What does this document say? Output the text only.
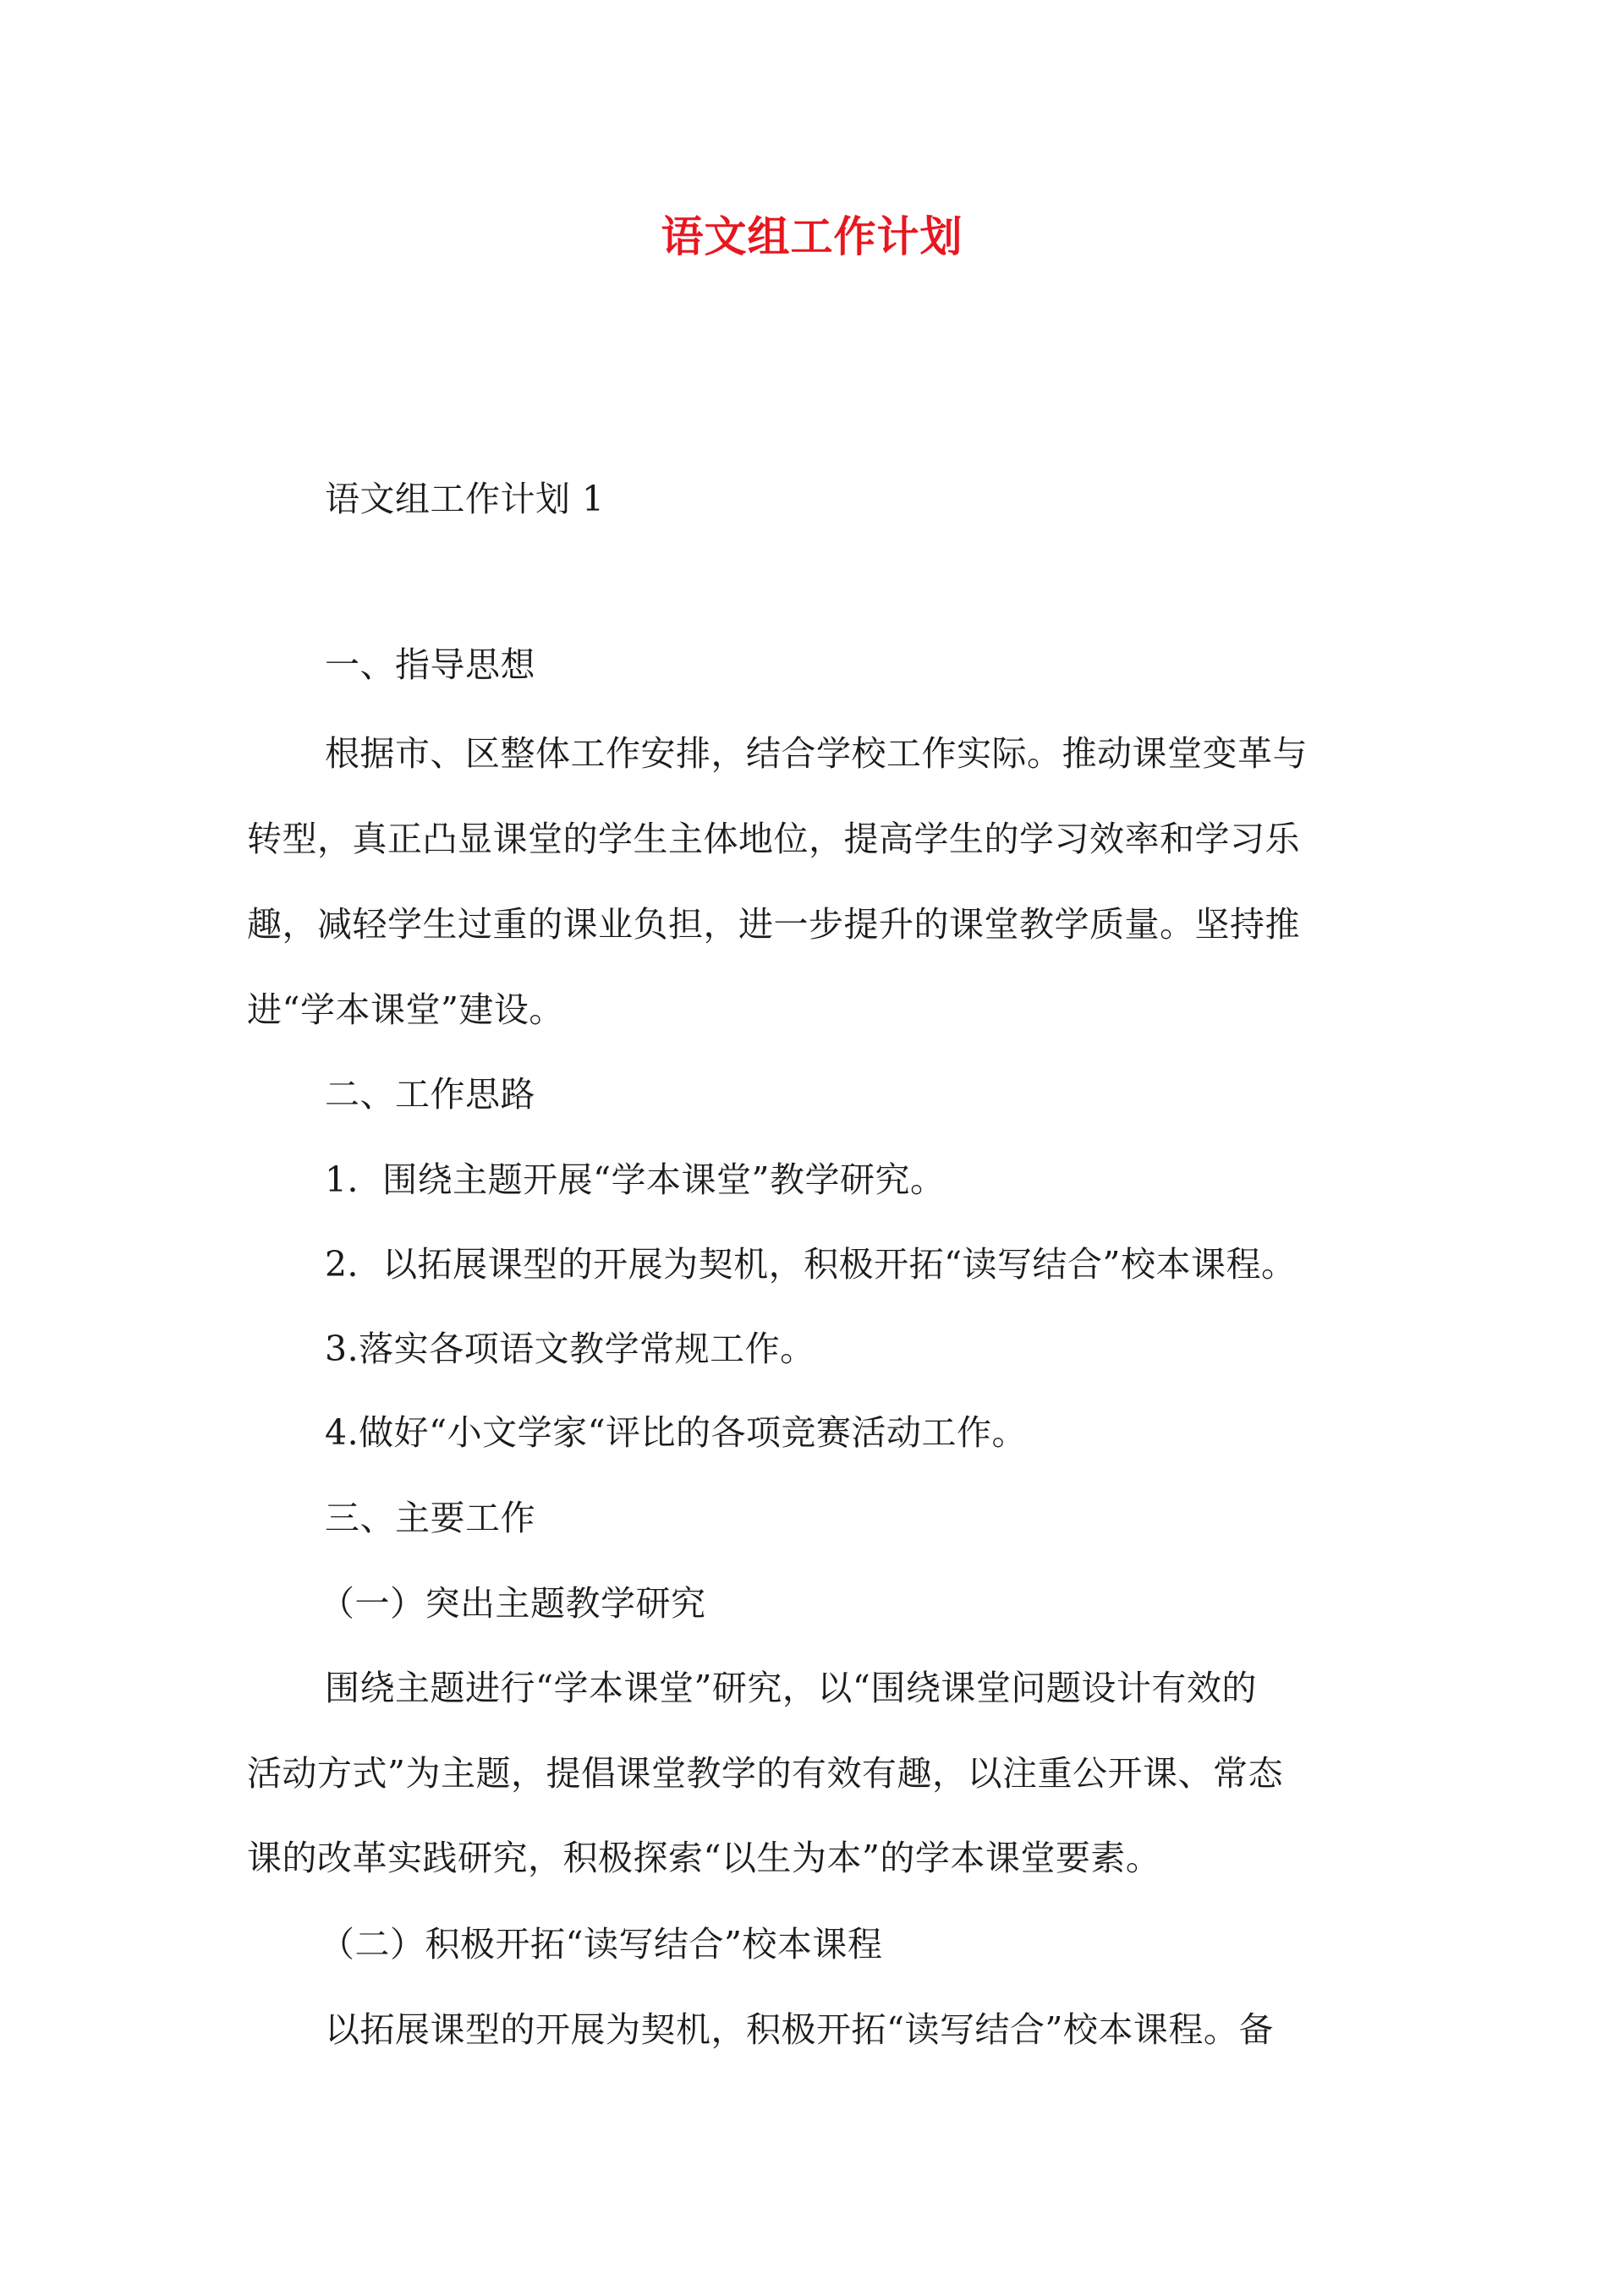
语文组工作计划
语文组工作计划 1
一、指导思想
根据市、区整体工作安排，结合学校工作实际。推动课堂变革与
转型，真正凸显课堂的学生主体地位，提高学生的学习效率和学习乐
趣，减轻学生过重的课业负担，进一步提升的课堂教学质量。坚持推
进“学本课堂”建设。
二、工作思路
1．围绕主题开展“学本课堂”教学研究。
2．以拓展课型的开展为契机，积极开拓“读写结合”校本课程。
3.落实各项语文教学常规工作。
4.做好“小文学家“评比的各项竞赛活动工作。
三、主要工作
（一）突出主题教学研究
围绕主题进行“学本课堂”研究，以“围绕课堂问题设计有效的
活动方式”为主题，提倡课堂教学的有效有趣，以注重公开课、常态
课的改革实践研究，积极探索“以生为本”的学本课堂要素。
（二）积极开拓“读写结合”校本课程
以拓展课型的开展为契机，积极开拓“读写结合”校本课程。备
